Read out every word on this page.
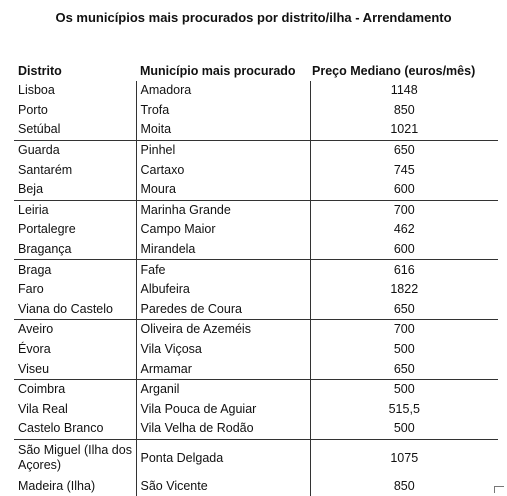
Os municípios mais procurados por distrito/ilha - Arrendamento
Distrito	Município mais procurado	Preço Mediano (euros/mês)
Lisboa	Amadora	1148
Porto	Trofa	850
Setúbal	Moita	1021
Guarda	Pinhel	650
Santarém	Cartaxo	745
Beja	Moura	600
Leiria	Marinha Grande	700
Portalegre	Campo Maior	462
Bragança	Mirandela	600
Braga	Fafe	616
Faro	Albufeira	1822
Viana do Castelo	Paredes de Coura	650
Aveiro	Oliveira de Azeméis	700
Évora	Vila Viçosa	500
Viseu	Armamar	650
Coimbra	Arganil	500
Vila Real	Vila Pouca de Aguiar	515,5
Castelo Branco	Vila Velha de Rodão	500
São Miguel (Ilha dos Açores)	Ponta Delgada	1075
Madeira (Ilha)	São Vicente	850
